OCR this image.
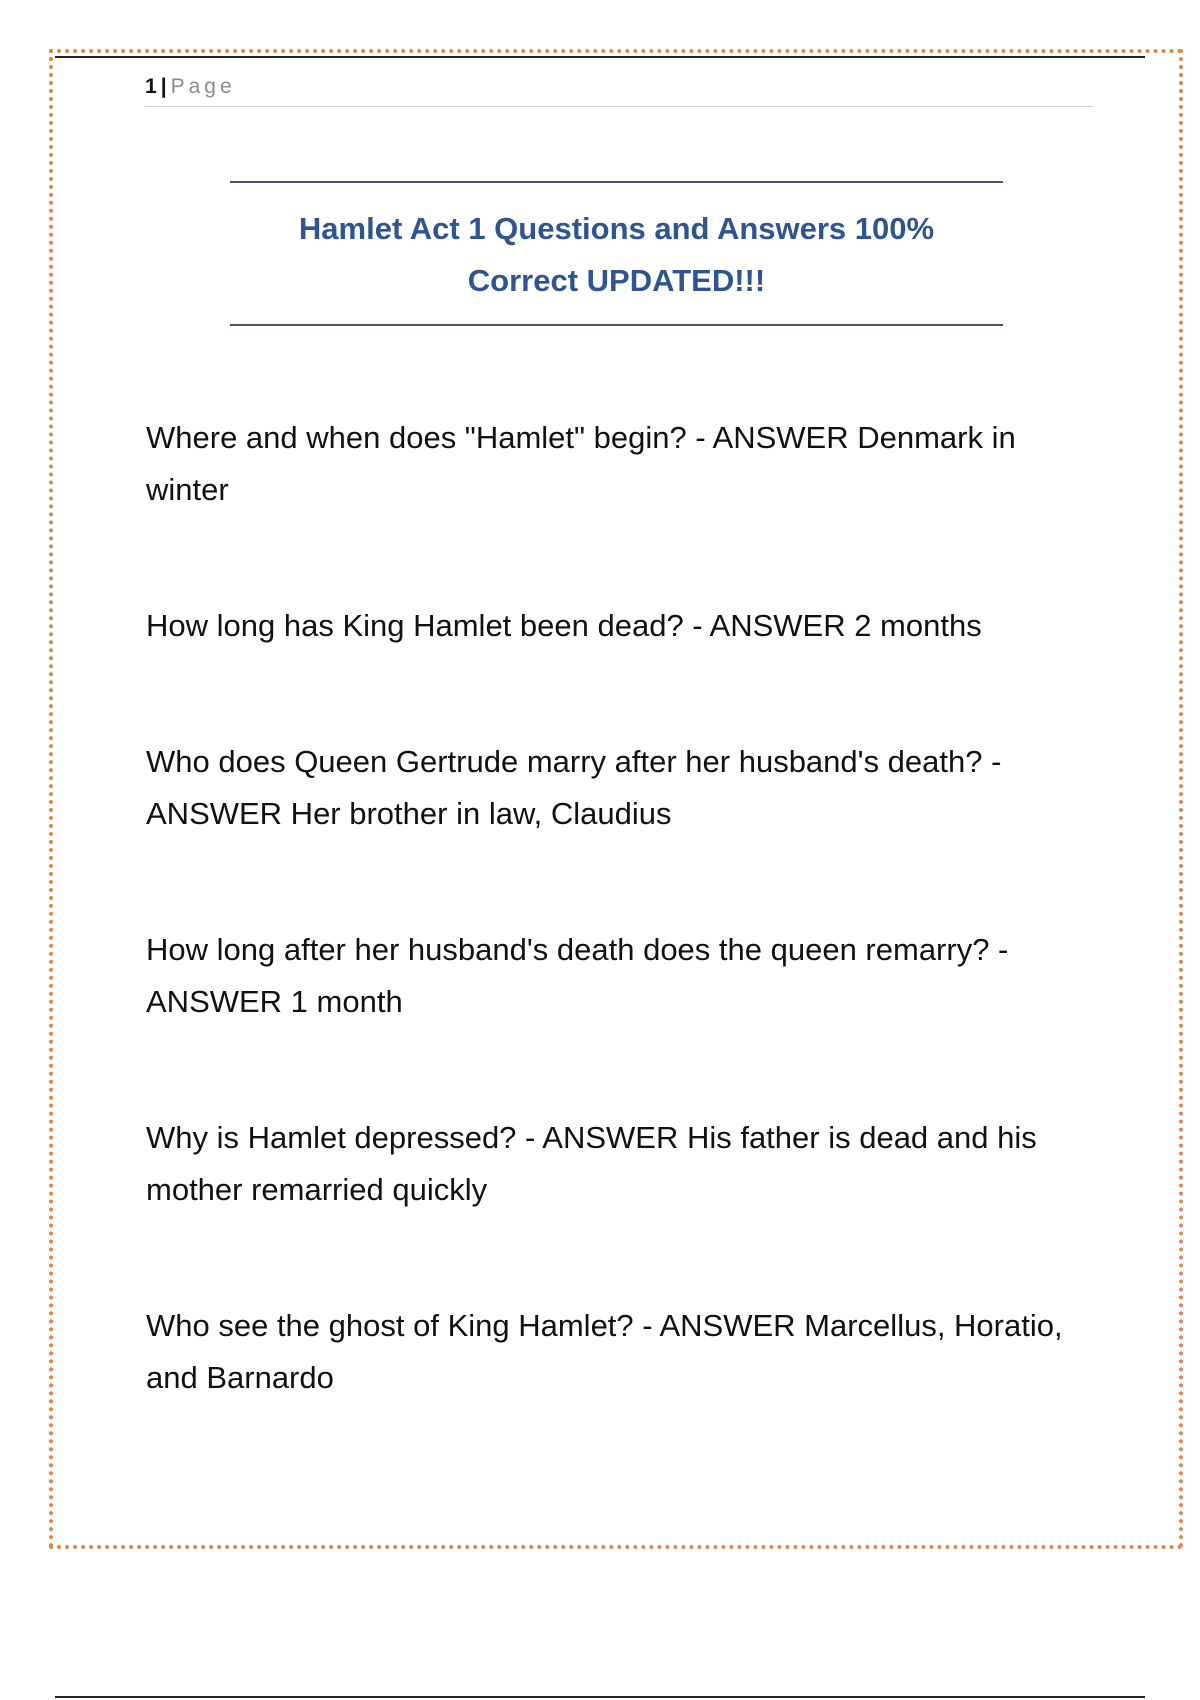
1 | Page
Hamlet Act 1 Questions and Answers 100%
Correct UPDATED!!!
Where and when does "Hamlet" begin? - ANSWER Denmark in winter
How long has King Hamlet been dead? - ANSWER 2 months
Who does Queen Gertrude marry after her husband's death? - ANSWER Her brother in law, Claudius
How long after her husband's death does the queen remarry? - ANSWER 1 month
Why is Hamlet depressed? - ANSWER His father is dead and his mother remarried quickly
Who see the ghost of King Hamlet? - ANSWER Marcellus, Horatio, and Barnardo
